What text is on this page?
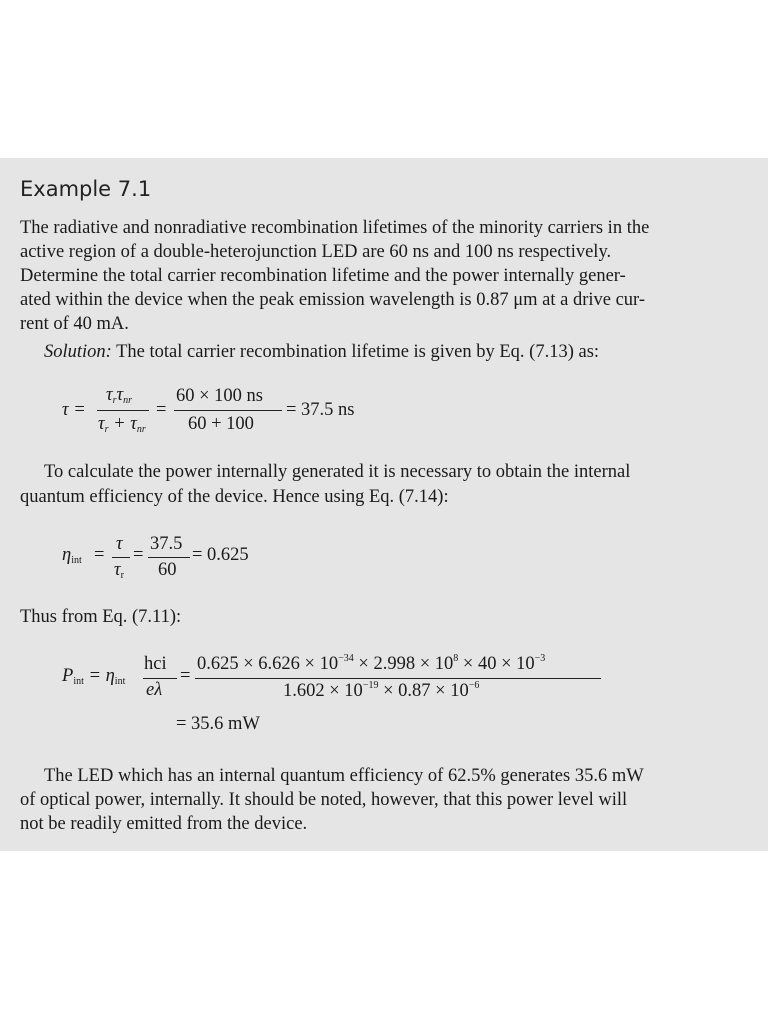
Example 7.1
The radiative and nonradiative recombination lifetimes of the minority carriers in the
active region of a double-heterojunction LED are 60 ns and 100 ns respectively.
Determine the total carrier recombination lifetime and the power internally gener-
ated within the device when the peak emission wavelength is 0.87 μm at a drive cur-
rent of 40 mA.
Solution: The total carrier recombination lifetime is given by Eq. (7.13) as:
τ =
τrτnr
τr + τnr
=
60 × 100 ns
60 + 100
= 37.5 ns
To calculate the power internally generated it is necessary to obtain the internal
quantum efficiency of the device. Hence using Eq. (7.14):
ηint =
τ
τr
=
37.5
60
= 0.625
Thus from Eq. (7.11):
Pint = ηint
hci
eλ
=
$0.625 \times 6.626 \times 10^{-34} \times 2.998 \times 10^8 \times 40 \times 10^{-3}$
$1.602 \times 10^{-19} \times 0.87 \times 10^{-6}$
= 35.6 mW
The LED which has an internal quantum efficiency of 62.5% generates 35.6 mW
of optical power, internally. It should be noted, however, that this power level will
not be readily emitted from the device.
